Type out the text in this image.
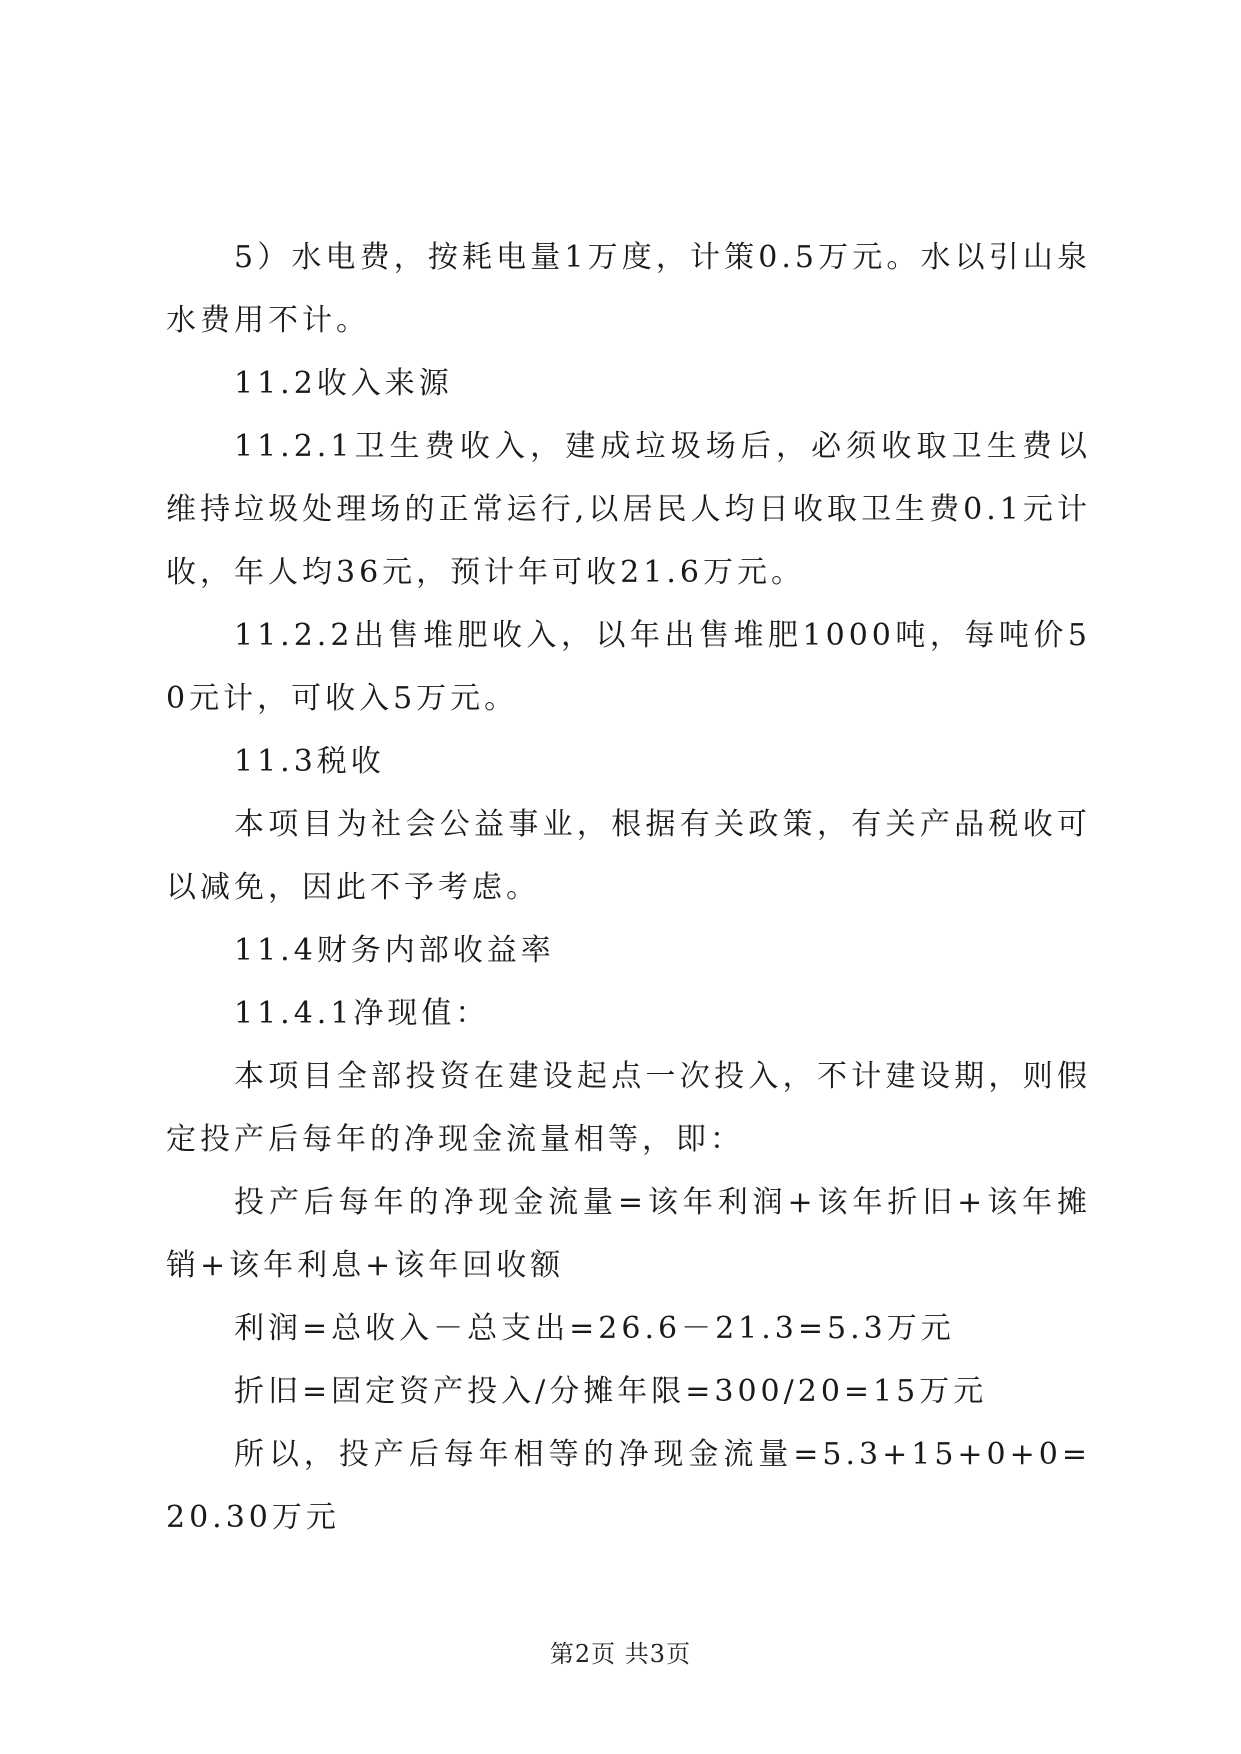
5）水电费，按耗电量1万度，计策0.5万元。水以引山泉水费用不计。

11.2收入来源

11.2.1卫生费收入，建成垃圾场后，必须收取卫生费以维持垃圾处理场的正常运行,以居民人均日收取卫生费0.1元计收，年人均36元，预计年可收21.6万元。

11.2.2出售堆肥收入，以年出售堆肥1000吨，每吨价50元计，可收入5万元。

11.3税收

本项目为社会公益事业，根据有关政策，有关产品税收可以减免，因此不予考虑。

11.4财务内部收益率

11.4.1净现值：

本项目全部投资在建设起点一次投入，不计建设期，则假定投产后每年的净现金流量相等，即：

投产后每年的净现金流量=该年利润+该年折旧+该年摊销+该年利息+该年回收额

利润=总收入－总支出=26.6－21.3=5.3万元

折旧=固定资产投入/分摊年限=300/20=15万元

所以，投产后每年相等的净现金流量=5.3+15+0+0=20.30万元

第2页 共3页
